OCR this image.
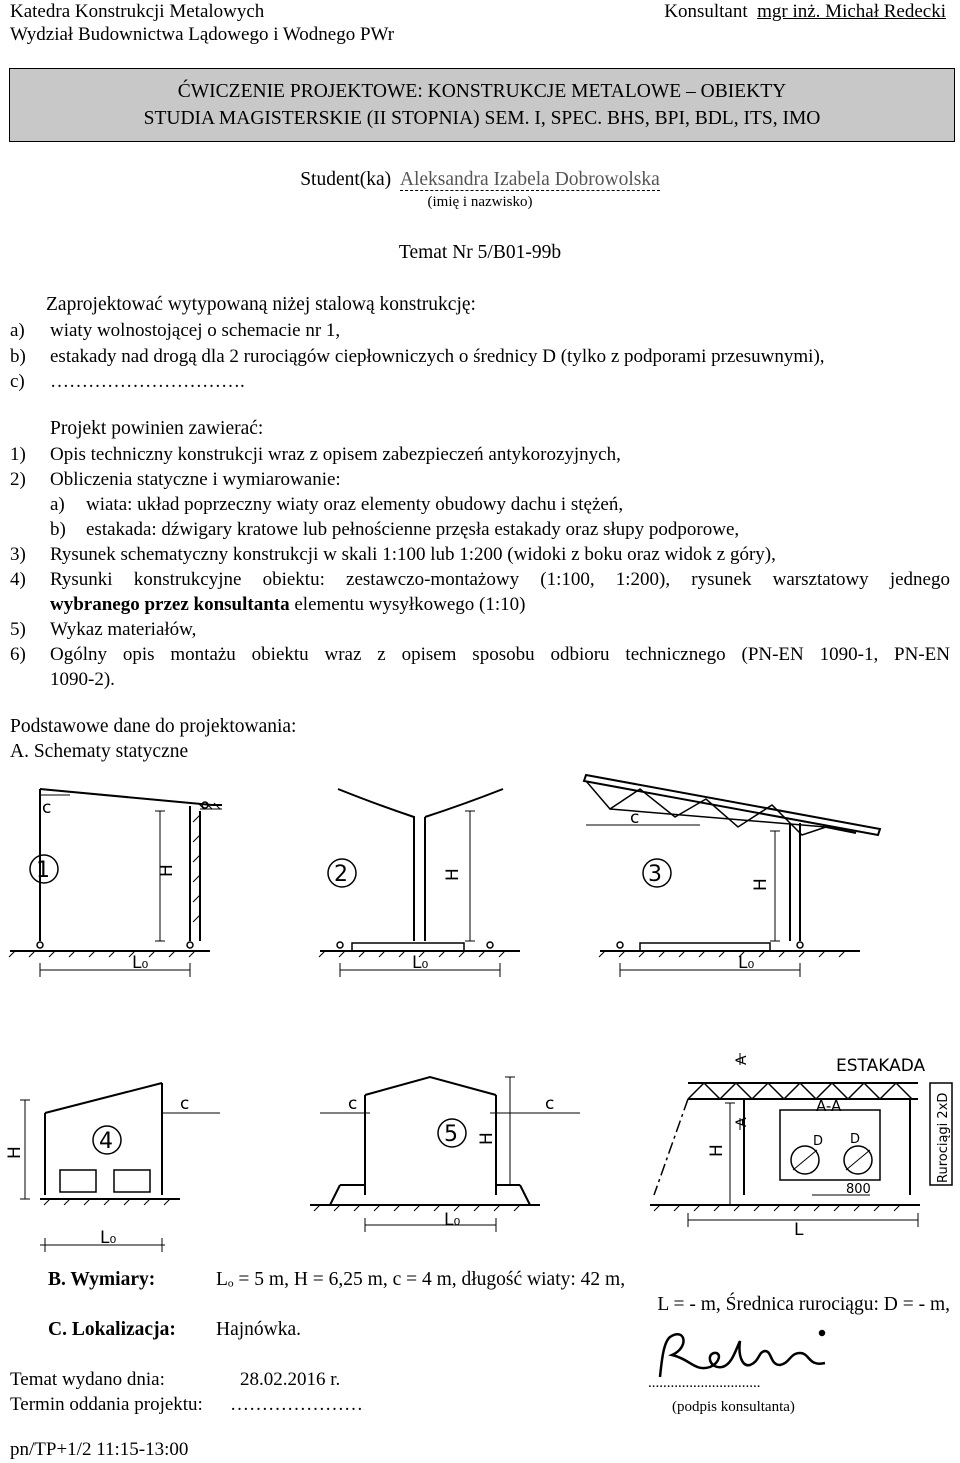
Katedra Konstrukcji Metalowych
Wydział Budownictwa Lądowego i Wodnego PWr
Konsultant mgr inż. Michał Redecki
ĆWICZENIE PROJEKTOWE: KONSTRUKCJE METALOWE – OBIEKTY
STUDIA MAGISTERSKIE (II STOPNIA) SEM. I, SPEC. BHS, BPI, BDL, ITS, IMO
Student(ka) Aleksandra Izabela Dobrowolska
(imię i nazwisko)
Temat Nr 5/B01-99b
Zaprojektować wytypowaną niżej stalową konstrukcję:
a) wiaty wolnostojącej o schemacie nr 1,
b) estakady nad drogą dla 2 rurociągów ciepłowniczych o średnicy D (tylko z podporami przesuwnymi),
c) ………………………….
Projekt powinien zawierać:
1) Opis techniczny konstrukcji wraz z opisem zabezpieczeń antykorozyjnych,
2) Obliczenia statyczne i wymiarowanie:
a) wiata: układ poprzeczny wiaty oraz elementy obudowy dachu i stężeń,
b) estakada: dźwigary kratowe lub pełnościenne przęsła estakady oraz słupy podporowe,
3) Rysunek schematyczny konstrukcji w skali 1:100 lub 1:200 (widoki z boku oraz widok z góry),
4) Rysunki konstrukcyjne obiektu: zestawczo-montażowy (1:100, 1:200), rysunek warsztatowy jednego
wybranego przez konsultanta elementu wysyłkowego (1:10)
5) Wykaz materiałów,
6) Ogólny opis montażu obiektu wraz z opisem sposobu odbioru technicznego (PN-EN 1090-1, PN-EN
1090-2).
Podstawowe dane do projektowania:
A. Schematy statyczne
c
H
1
L₀
H
2
L₀
c
H
3
L₀
c
H	4
L₀
c	c
H
5
L₀
ESTAKADA
A
A
A-A
H
D D
800
L
Rurociągi 2xD
B. Wymiary:	Lₒ = 5 m, H = 6,25 m, c = 4 m, długość wiaty: 42 m,
L = - m, Średnica rurociągu: D = - m,
C. Lokalizacja: Hajnówka.
Temat wydano dnia:	28.02.2016 r.	..............................
Termin oddania projektu: …………………	(podpis konsultanta)
pn/TP+1/2 11:15-13:00
